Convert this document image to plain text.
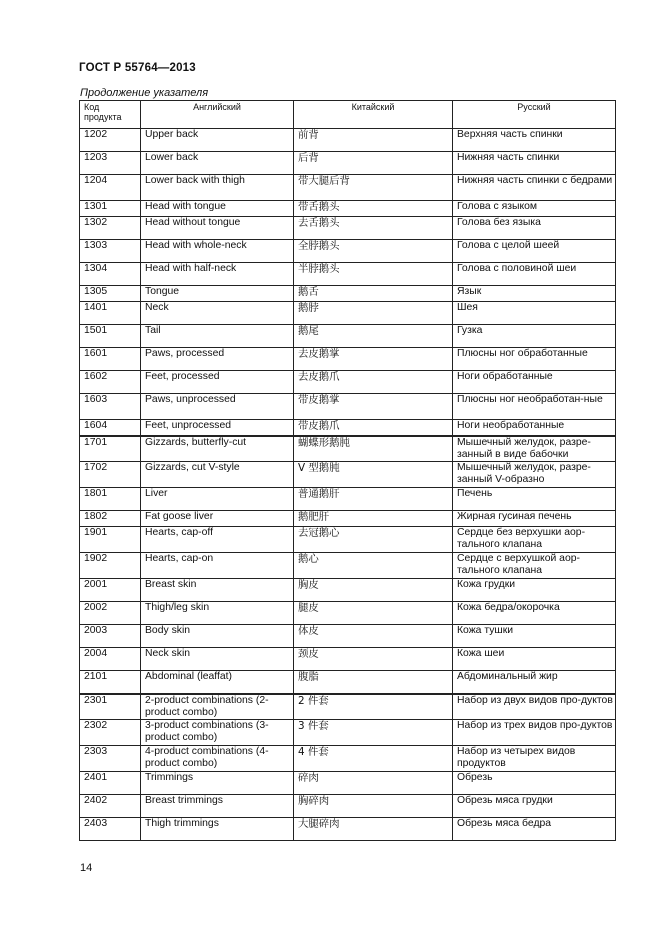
ГОСТ Р 55764—2013
Продолжение указателя
Код продукта	Английский	Китайский	Русский
1202	Upper back	前背	Верхняя часть спинки
1203	Lower back	后背	Нижняя часть спинки
1204	Lower back with thigh	带大腿后背	Нижняя часть спинки с бедрами
1301	Head with tongue	带舌鹅头	Голова с языком
1302	Head without tongue	去舌鹅头	Голова без языка
1303	Head with whole-neck	全脖鹅头	Голова с целой шеей
1304	Head with half-neck	半脖鹅头	Голова с половиной шеи
1305	Tongue	鹅舌	Язык
1401	Neck	鹅脖	Шея
1501	Tail	鹅尾	Гузка
1601	Paws, processed	去皮鹅掌	Плюсны ног обработанные
1602	Feet, processed	去皮鹅爪	Ноги обработанные
1603	Paws, unprocessed	带皮鹅掌	Плюсны ног необработан-ные
1604	Feet, unprocessed	带皮鹅爪	Ноги необработанные
1701	Gizzards, butterfly-cut	蝴蝶形鹅肫	Мышечный желудок, разре-занный в виде бабочки
1702	Gizzards, cut V-style	V 型鹅肫	Мышечный желудок, разре-занный V-образно
1801	Liver	普通鹅肝	Печень
1802	Fat goose liver	鹅肥肝	Жирная гусиная печень
1901	Hearts, cap-off	去冠鹅心	Сердце без верхушки аор-тального клапана
1902	Hearts, cap-on	鹅心	Сердце с верхушкой аор-тального клапана
2001	Breast skin	胸皮	Кожа грудки
2002	Thigh/leg skin	腿皮	Кожа бедра/окорочка
2003	Body skin	体皮	Кожа тушки
2004	Neck skin	颈皮	Кожа шеи
2101	Abdominal (leaffat)	腹脂	Абдоминальный жир
2301	2-product combinations (2-product combo)	2 件套	Набор из двух видов про-дуктов
2302	3-product combinations (3-product combo)	3 件套	Набор из трех видов про-дуктов
2303	4-product combinations (4-product combo)	4 件套	Набор из четырех видов продуктов
2401	Trimmings	碎肉	Обрезь
2402	Breast trimmings	胸碎肉	Обрезь мяса грудки
2403	Thigh trimmings	大腿碎肉	Обрезь мяса бедра
14
